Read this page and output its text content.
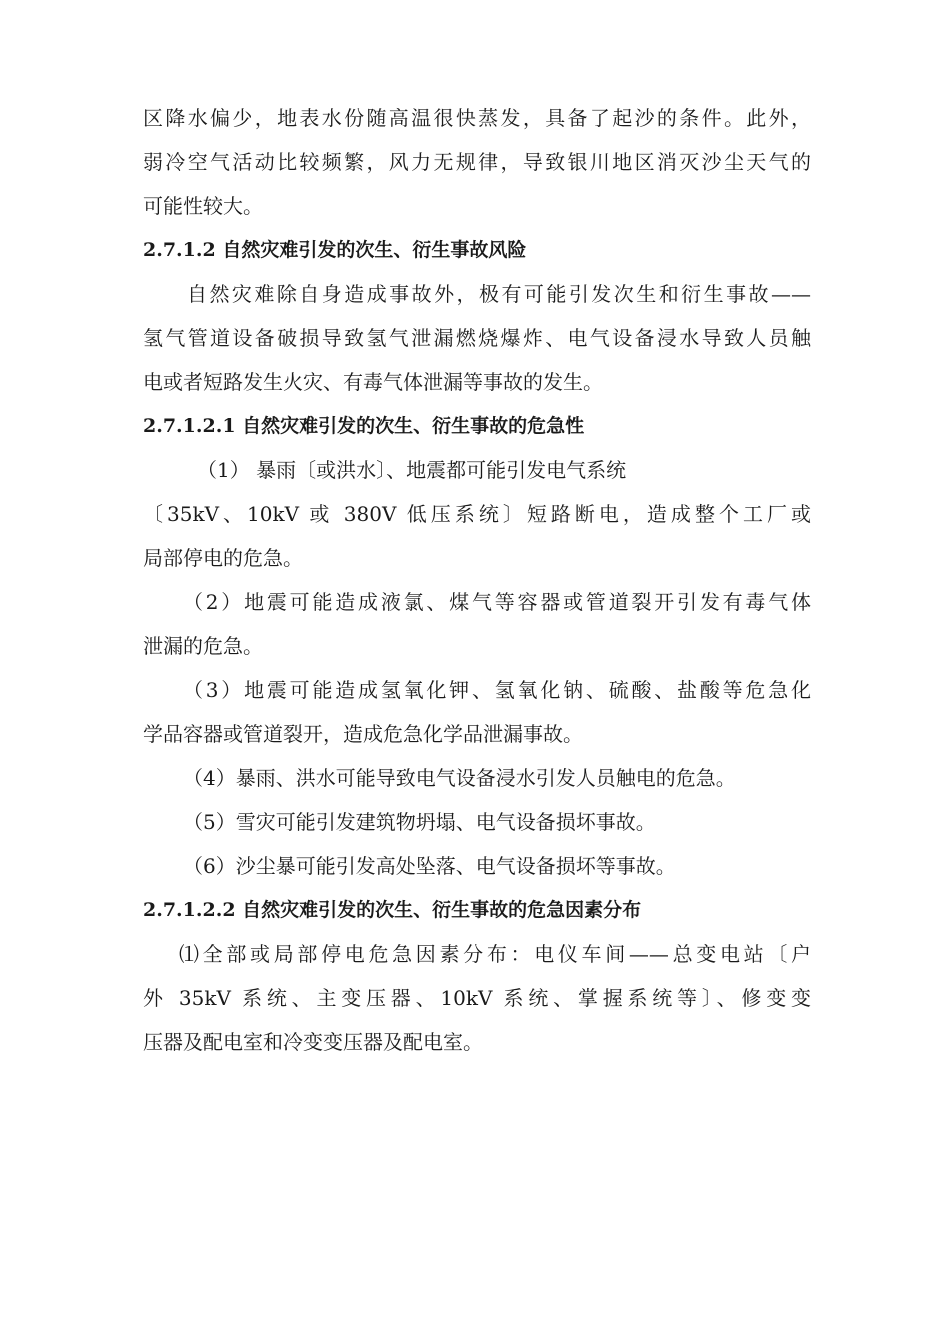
区降水偏少，地表水份随高温很快蒸发，具备了起沙的条件。此外，
弱冷空气活动比较频繁，风力无规律，导致银川地区消灭沙尘天气的
可能性较大。
2.7.1.2 自然灾难引发的次生、衍生事故风险
自然灾难除自身造成事故外，极有可能引发次生和衍生事故——
氢气管道设备破损导致氢气泄漏燃烧爆炸、电气设备浸水导致人员触
电或者短路发生火灾、有毒气体泄漏等事故的发生。
2.7.1.2.1 自然灾难引发的次生、衍生事故的危急性
（1） 暴雨〔或洪水〕、地震都可能引发电气系统
〔35kV、10kV 或 380V 低压系统〕短路断电，造成整个工厂或
局部停电的危急。
（2）地震可能造成液氯、煤气等容器或管道裂开引发有毒气体
泄漏的危急。
（3）地震可能造成氢氧化钾、氢氧化钠、硫酸、盐酸等危急化
学品容器或管道裂开，造成危急化学品泄漏事故。
（4）暴雨、洪水可能导致电气设备浸水引发人员触电的危急。
（5）雪灾可能引发建筑物坍塌、电气设备损坏事故。
（6）沙尘暴可能引发高处坠落、电气设备损坏等事故。
2.7.1.2.2 自然灾难引发的次生、衍生事故的危急因素分布
⑴全部或局部停电危急因素分布：电仪车间——总变电站〔户
外 35kV 系统、主变压器、10kV 系统、掌握系统等〕、修变变
压器及配电室和冷变变压器及配电室。
